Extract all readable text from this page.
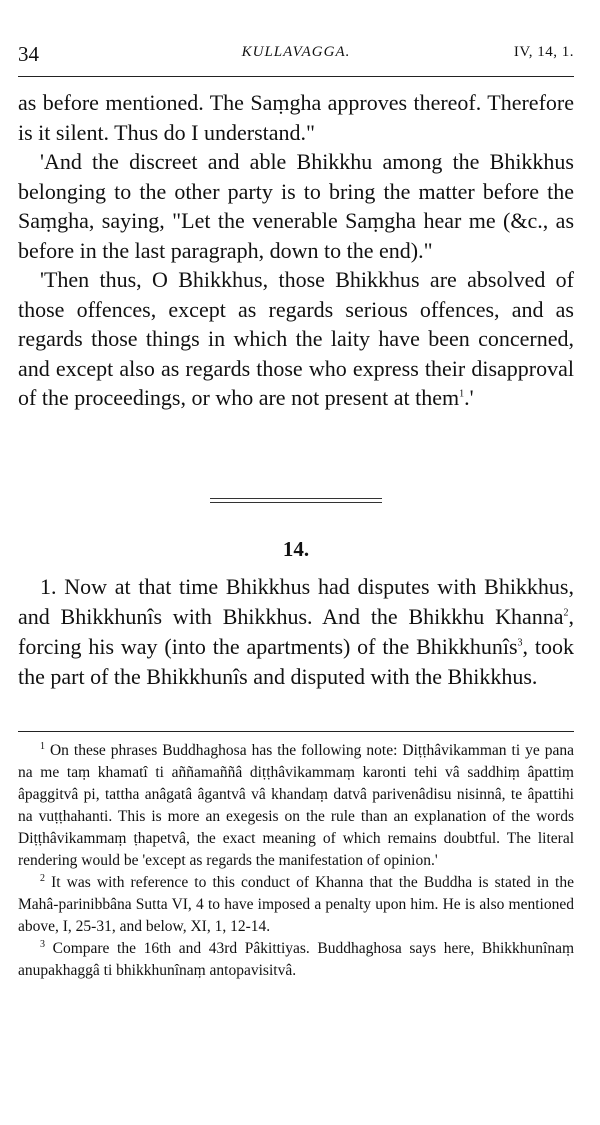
34	KULLAVAGGA.	IV, 14, 1.

as before mentioned. The Saṃgha approves thereof. Therefore is it silent. Thus do I understand."

'And the discreet and able Bhikkhu among the Bhikkhus belonging to the other party is to bring the matter before the Saṃgha, saying, "Let the venerable Saṃgha hear me (&c., as before in the last paragraph, down to the end)."

'Then thus, O Bhikkhus, those Bhikkhus are absolved of those offences, except as regards serious offences, and as regards those things in which the laity have been concerned, and except also as regards those who express their disapproval of the proceedings, or who are not present at them$^1$.'

14.
1. Now at that time Bhikkhus had disputes with Bhikkhus, and Bhikkhunîs with Bhikkhus. And the Bhikkhu Khanna$^2$, forcing his way (into the apartments) of the Bhikkhunîs$^3$, took the part of the Bhikkhunîs and disputed with the Bhikkhus.

$^1$ On these phrases Buddhaghosa has the following note: Diṭṭhâvikamman ti ye pana na me taṃ khamatî ti aññamaññâ diṭṭhâvikammaṃ karonti tehi vâ saddhiṃ âpattiṃ âpaggitvâ pi, tattha anâgatâ âgantvâ vâ khandaṃ datvâ parivenâdisu nisinnâ, te âpattihi na vuṭṭhahanti. This is more an exegesis on the rule than an explanation of the words Diṭṭhâvikammaṃ ṭhapetvâ, the exact meaning of which remains doubtful. The literal rendering would be 'except as regards the manifestation of opinion.'

$^2$ It was with reference to this conduct of Khanna that the Buddha is stated in the Mahâ-parinibbâna Sutta VI, 4 to have imposed a penalty upon him. He is also mentioned above, I, 25-31, and below, XI, 1, 12-14.

$^3$ Compare the 16th and 43rd Pâkittiyas. Buddhaghosa says here, Bhikkhunînaṃ anupakhaggâ ti bhikkhunînaṃ antopavisitvâ.
